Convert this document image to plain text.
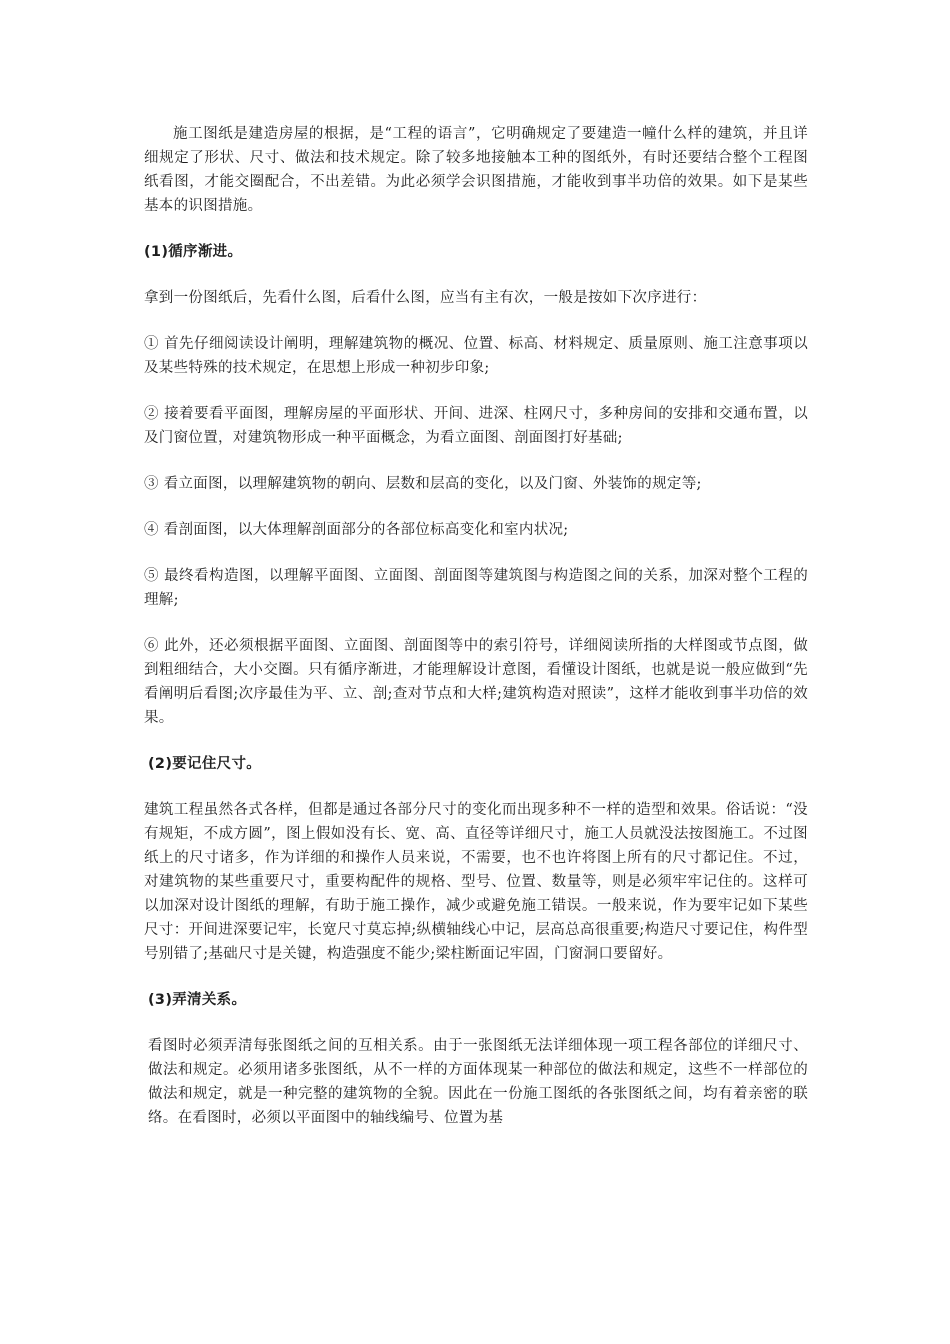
施工图纸是建造房屋的根据，是“工程的语言”，它明确规定了要建造一幢什么样的建筑，并且详细规定了形状、尺寸、做法和技术规定。除了较多地接触本工种的图纸外，有时还要结合整个工程图纸看图，才能交圈配合，不出差错。为此必须学会识图措施，才能收到事半功倍的效果。如下是某些基本的识图措施。

(1)循序渐进。

拿到一份图纸后，先看什么图，后看什么图，应当有主有次，一般是按如下次序进行：

① 首先仔细阅读设计阐明，理解建筑物的概况、位置、标高、材料规定、质量原则、施工注意事项以及某些特殊的技术规定，在思想上形成一种初步印象;

② 接着要看平面图，理解房屋的平面形状、开间、进深、柱网尺寸，多种房间的安排和交通布置，以及门窗位置，对建筑物形成一种平面概念，为看立面图、剖面图打好基础;

③ 看立面图，以理解建筑物的朝向、层数和层高的变化，以及门窗、外装饰的规定等;

④ 看剖面图，以大体理解剖面部分的各部位标高变化和室内状况;

⑤ 最终看构造图，以理解平面图、立面图、剖面图等建筑图与构造图之间的关系，加深对整个工程的理解;

⑥ 此外，还必须根据平面图、立面图、剖面图等中的索引符号，详细阅读所指的大样图或节点图，做到粗细结合，大小交圈。只有循序渐进，才能理解设计意图，看懂设计图纸，也就是说一般应做到“先看阐明后看图;次序最佳为平、立、剖;查对节点和大样;建筑构造对照读”，这样才能收到事半功倍的效果。

(2)要记住尺寸。

建筑工程虽然各式各样，但都是通过各部分尺寸的变化而出现多种不一样的造型和效果。俗话说：“没有规矩，不成方圆”，图上假如没有长、宽、高、直径等详细尺寸，施工人员就没法按图施工。不过图纸上的尺寸诸多，作为详细的和操作人员来说，不需要，也不也许将图上所有的尺寸都记住。不过，对建筑物的某些重要尺寸，重要构配件的规格、型号、位置、数量等，则是必须牢牢记住的。这样可以加深对设计图纸的理解，有助于施工操作，减少或避免施工错误。一般来说，作为要牢记如下某些尺寸：开间进深要记牢，长宽尺寸莫忘掉;纵横轴线心中记，层高总高很重要;构造尺寸要记住，构件型号别错了;基础尺寸是关键，构造强度不能少;梁柱断面记牢固，门窗洞口要留好。

(3)弄清关系。

看图时必须弄清每张图纸之间的互相关系。由于一张图纸无法详细体现一项工程各部位的详细尺寸、做法和规定。必须用诸多张图纸，从不一样的方面体现某一种部位的做法和规定，这些不一样部位的做法和规定，就是一种完整的建筑物的全貌。因此在一份施工图纸的各张图纸之间，均有着亲密的联络。在看图时，必须以平面图中的轴线编号、位置为基
